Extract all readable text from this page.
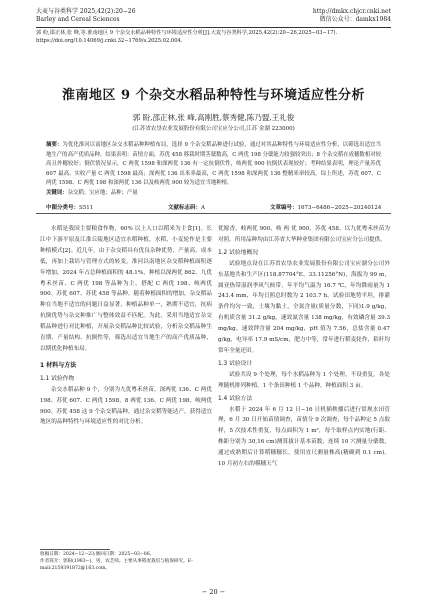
大麦与谷类科学 2025,42(2):20−26
Barley and Cereal Sciences
http://dmkx.chjcr.cnki.net
微信公众号：damkx1984
郭 盼,邵正林,张 峰,等.淮南地区 9 个杂交水稻品种特性与环境适应性分析[J].大麦与谷类科学,2025,42(2):20−26,2025−03−17). https://doi.org/10.14069/j.cnki.32−1769/s.2025.02.004.
淮南地区 9 个杂交水稻品种特性与环境适应性分析
郭 盼,邵正林,张 峰,高刚胜,蔡秀健,陈乃盟,王礼俊
(江苏省农垦农业发展股份有限公司宝应分公司,江苏 金湖 223000)

摘要：为优化淮河以南地区杂交水稻品种种植布局，选择 9 个杂交稻品种进行试验，通过对其品种特性与环境适应性分析，以筛选出适宜当地生产的高产优质品种。结果表明：苗情方面，苏优 458 移栽时期茎蘖数高，C 两优 198 分蘖能力较强较突出；8 个杂交稻在成穗数相对较高且外穗较好；倒伏情况显示，C 两优 1598 和深两优 136 有一定抗倒伏性，岐两优 900 抗倒伏表现较好；考种结果表明，理论产量苏优 607 最高，实收产量 C 两优 1598 最高；深两优 136 出米率最高，C 两优 1598 和深两优 136 整精米率较高。综上所述，苏优 607、C 两优 1598、C 两优 198 和深两优 136 以及岐两优 900 较为适宜当地种植。

关键词：杂交稻；宝应地；品种；产量

中图分类号：S511	文献标志码：A	文章编号：1673−6486−2025−20240124

水稻是我国主要粮食作物，60% 以上人口以稻米为主食[1]。长江中下游平原及江淮丘陵地区适宜水稻种植，水稻、小麦轮作是主要种植模式[2]。近几年，由于杂交稻具有优良杂种优势，产量高、成本低，再加上栽培与管理方式的转变，淮河以南地区杂交稻种植面积逐年增加，2024 年占总种植面积的 48.1%，种植以深两优 862、九优粤禾丝苗、C 两优 198 等品种为主，搭配 C 两优 198、岐两优 900、苏优 607、苏优 458 等品种。随着种植面积的增加，杂交稻品种在当地不适宜的问题日益显著，种植品种单一，熟期不适宜，抗病抗倒优势与杂交种推广与整体效益不匹配。为此，采用当地适宜杂交稻品种进行对比种植，开展杂交稻品种比较试验，分析杂交稻品种生育期、产量结构、抗倒性等，筛选出适宜当地生产的高产优质品种，以期优化种植布局。

1 材料与方法
1.1 试验作物

杂交水稻品种 9 个，分别为九优粤禾丝苗、深两优 136、C 两优 198、苏优 607、C 两优 1598、8 两优 136、C 两优 198、岐两优 900、苏优 458 这 9 个杂交稻品种，通过杂交稻等能达产，获得适宜地区的品种特性与环境适应性的对比分析。

优嫁香、岐两优 900、岐 两 优 900、苏优 458、以九优粤禾丝苗为对照。所用品种均由江苏省大华种业集团有限公司宝应分公司提供。

1.2 试验地概况

试验地点设在江苏省农垦农业发展股份有限公司宝应湖分公司外东基地共和生产区(118.87704°E、33.11256°N)，海拔为 99 m，属亚热带湿润季风气候带，年平均气温为 16.7 ℃，年均降雨量为 1 243.4 mm，年均日照总时数为 2 103.7 h。试验田地势平坦，排灌条件均匀一致，土壤为黏土，全氮含量(质量分数，下同)1.9 g/kg，有机质含量 31.2 g/kg，速效氮含量 138 mg/kg，有效磷含量 39.3 mg/kg，速效钾含量 204 mg/kg，pH 值为 7.56，总盐含量 0.47 g/kg，电导率 17.9 mS/cm，肥力中等，常年进行稻麦轮作，秸秆均常年全量还田。

1.3 试验设计

试验共设 9 个处理，每个水稻品种为 1 个处理。不设重复，各处理随机排列种植，1 个条田种植 1 个品种，种植面积 3 亩。

1.4 试验方法

水稻于 2024 年 6 月 12 日−16 日机插秧播后进行常规水田管理，6 月 30 日开始苗情调查，苗情分 9 次调查，每个品种定 5 点取样，5 次技术性重复，每点面积为 1 m²，每个取样点内实地(行距、株距分别为 30,16 cm)测算拔计基本苗数，连续 10 穴测量分蘖数，通过成熟期后计算稻穗穗长，使用直尺测量株高(精确到 0.1 cm)。10 月初左右的模穗天气

收稿日期：2024−12−23;修回日期：2025−03−06。

作者简介：郭盼(1983−)，男，农艺师。主要从事稻麦栽培与植保研究。E-mail:2159391872@163.com。

− 20 −
